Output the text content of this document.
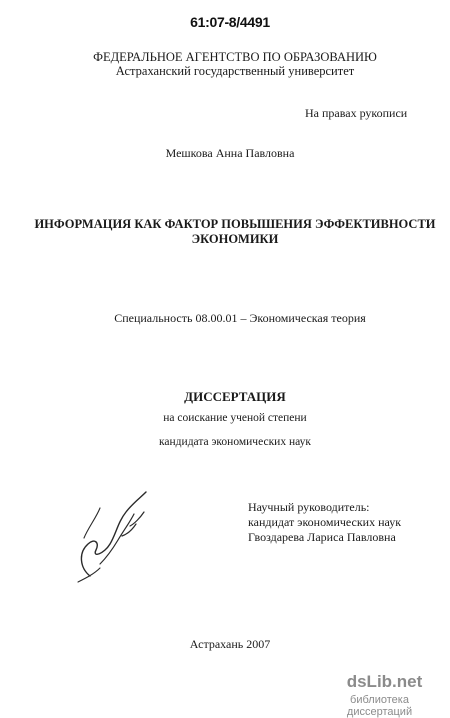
61:07-8/4491
ФЕДЕРАЛЬНОЕ АГЕНТСТВО ПО ОБРАЗОВАНИЮ
Астраханский государственный университет
На правах рукописи
Мешкова Анна Павловна
ИНФОРМАЦИЯ КАК ФАКТОР ПОВЫШЕНИЯ ЭФФЕКТИВНОСТИ
ЭКОНОМИКИ
Специальность 08.00.01 – Экономическая теория
ДИССЕРТАЦИЯ
на соискание ученой степени
кандидата экономических наук
Научный руководитель:
кандидат экономических наук
Гвоздарева Лариса Павловна
Астрахань 2007
dsLib.net
библиотека диссертаций
